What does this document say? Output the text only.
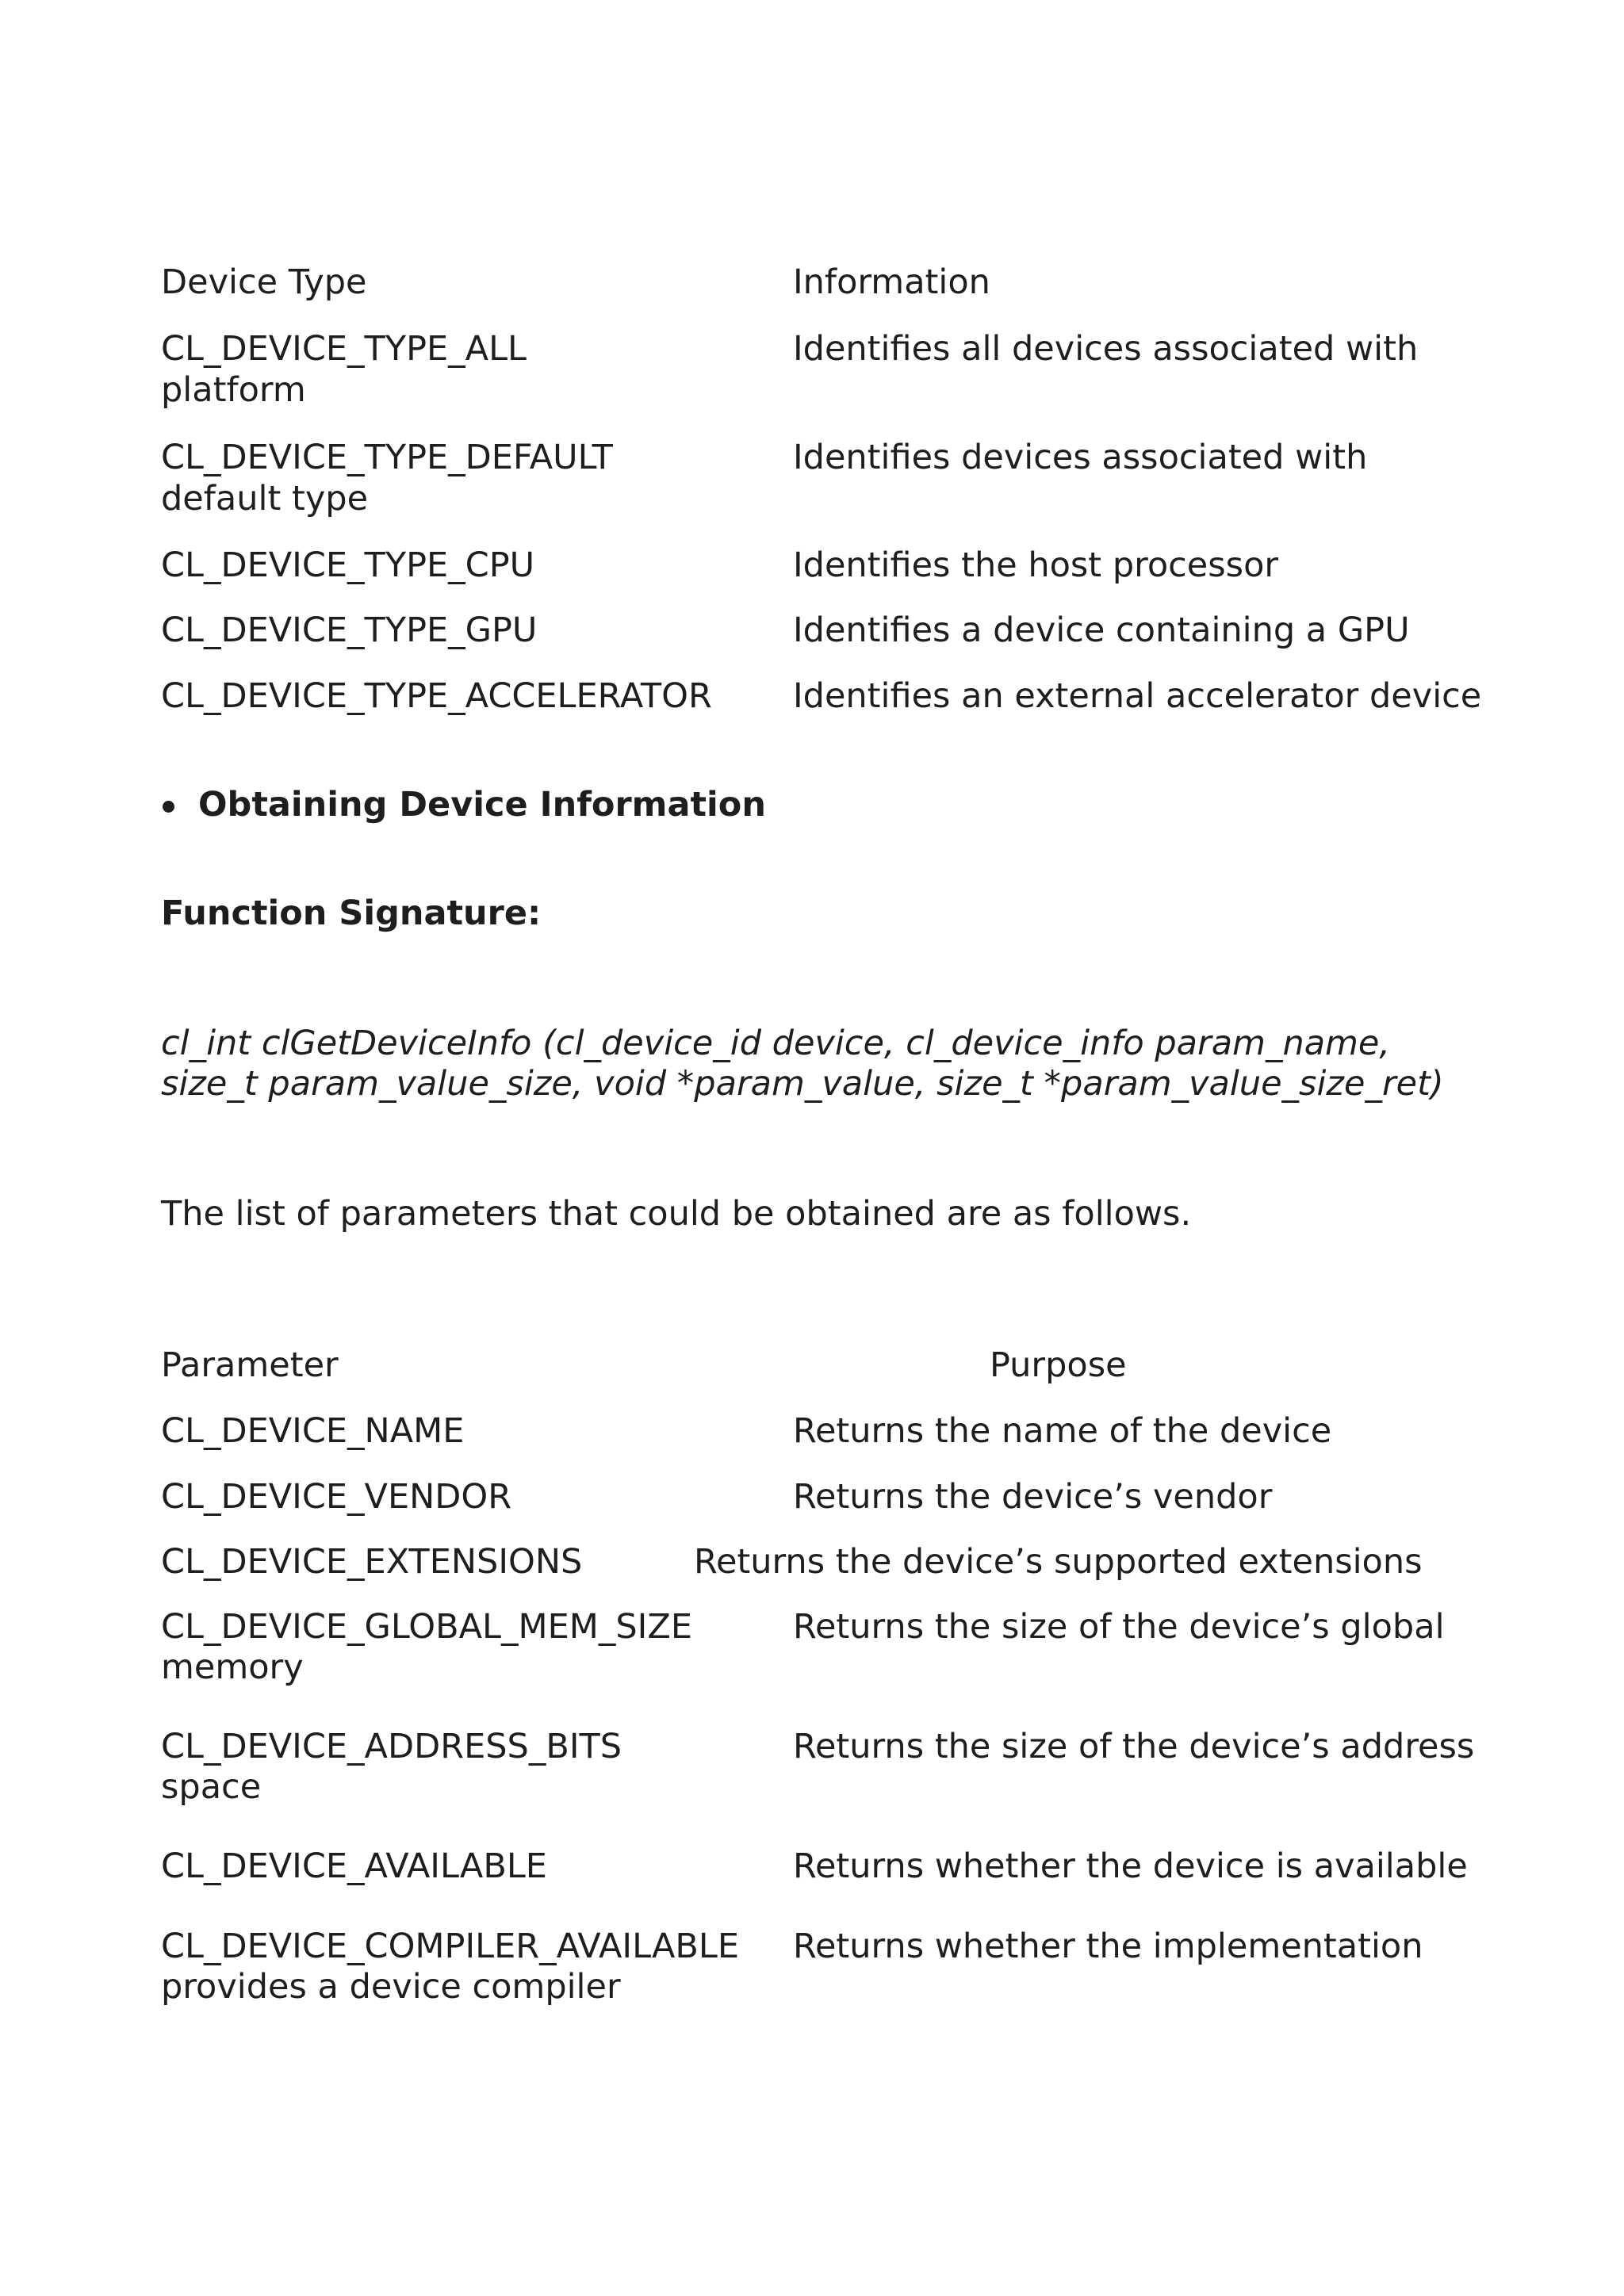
Device Type	Information
CL_DEVICE_TYPE_ALL	Identifies all devices associated with
platform
CL_DEVICE_TYPE_DEFAULT	Identifies devices associated with
default type
CL_DEVICE_TYPE_CPU	Identifies the host processor
CL_DEVICE_TYPE_GPU	Identifies a device containing a GPU
CL_DEVICE_TYPE_ACCELERATOR Identifies an external accelerator device
Obtaining Device Information
Function Signature:
cl_int clGetDeviceInfo (cl_device_id device, cl_device_info param_name,
size_t param_value_size, void *param_value, size_t *param_value_size_ret)
The list of parameters that could be obtained are as follows.
Parameter	Purpose
CL_DEVICE_NAME	Returns the name of the device
CL_DEVICE_VENDOR	Returns the device’s vendor
CL_DEVICE_EXTENSIONS	Returns the device’s supported extensions
CL_DEVICE_GLOBAL_MEM_SIZE	Returns the size of the device’s global
memory
CL_DEVICE_ADDRESS_BITS	Returns the size of the device’s address
space
CL_DEVICE_AVAILABLE	Returns whether the device is available
CL_DEVICE_COMPILER_AVAILABLE Returns whether the implementation
provides a device compiler
